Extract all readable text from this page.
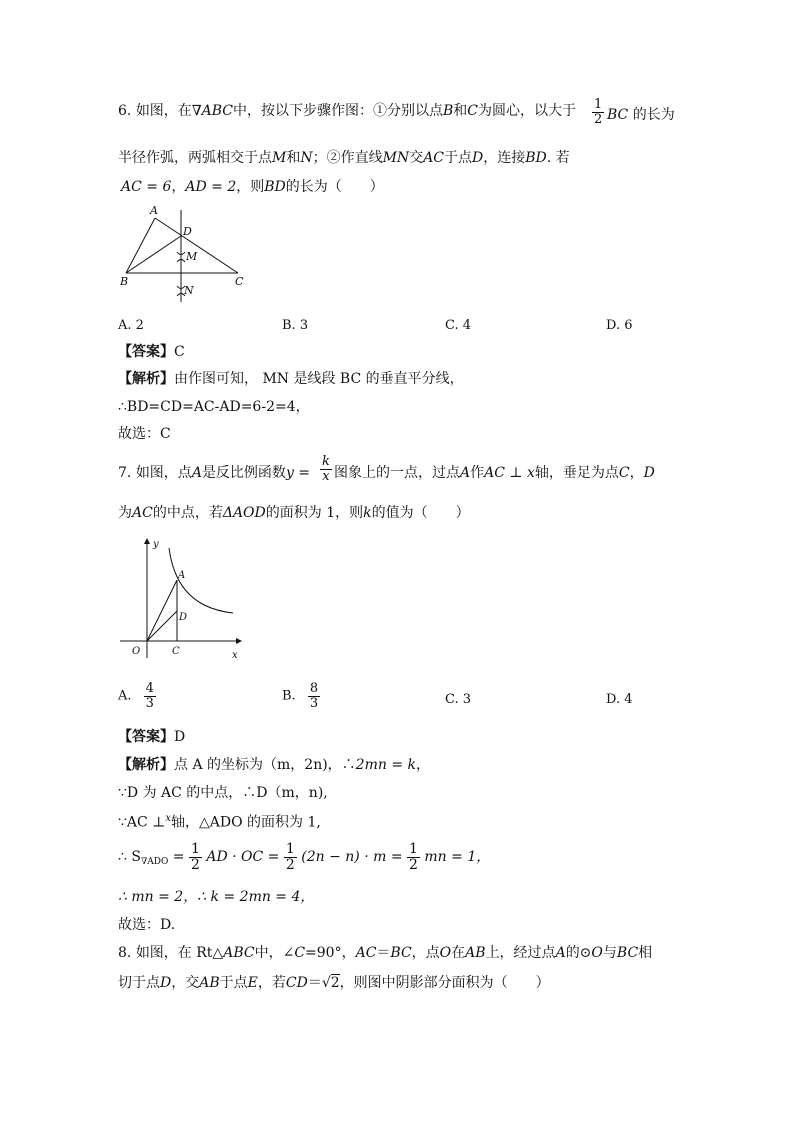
6. 如图，在∇ABC中，按以下步骤作图：①分别以点B和C为圆心，以大于 $\frac{1}{2}$ BC 的长为
半径作弧，两弧相交于点M和N；②作直线MN交AC于点D，连接BD. 若
AC = 6，AD = 2，则BD的长为（　　）
A
B	C
D
M
N
A. 2	B. 3	C. 4	D. 6
【答案】C
【解析】由作图可知， MN 是线段 BC 的垂直平分线，
∴BD=CD=AC-AD=6-2=4，
故选：C
7. 如图，点A是反比例函数$y = \frac{k}{x}$ 图象上的一点，过点A作AC ⊥ x轴，垂足为点C，D
为AC的中点，若ΔAOD的面积为 1，则k的值为（　　）
y
x
O
A
C
D
A. $\frac{4}{3}$	B. $\frac{8}{3}$	C. 3	D. 4
【答案】D
【解析】点 A 的坐标为（m，2n)，∴2mn = k，
∵D 为 AC 的中点，∴D（m，n),
∵AC ⊥$^x$轴，△ADO 的面积为 1,
∴ $S_{\nabla ADO} = \frac{1}{2}$ AD · OC = $\frac{1}{2} (2n - n) \cdot m = \frac{1}{2}$ mn = 1，
∴ mn = 2，∴ k = 2mn = 4，
故选：D.
8. 如图，在 Rt△ABC中，∠C=90°，AC＝BC，点O在AB上，经过点A的⊙O与BC相
切于点D，交AB于点E，若CD＝√2，则图中阴影部分面积为（　　）
